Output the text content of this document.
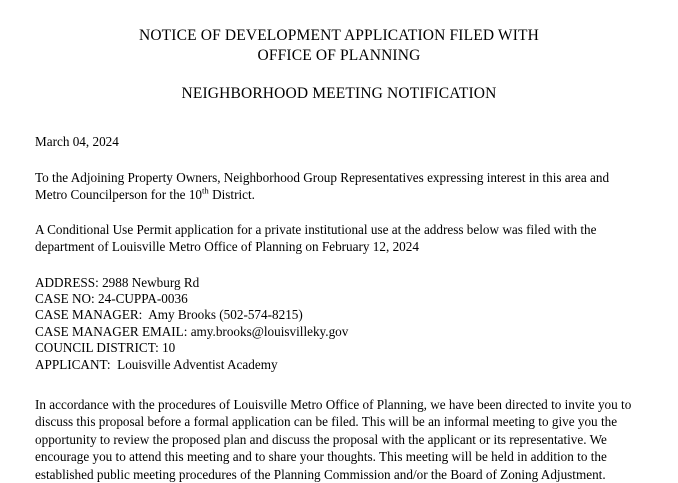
NOTICE OF DEVELOPMENT APPLICATION FILED WITH
OFFICE OF PLANNING
NEIGHBORHOOD MEETING NOTIFICATION
March 04, 2024

To the Adjoining Property Owners, Neighborhood Group Representatives expressing interest in this area and Metro Councilperson for the 10th District.

A Conditional Use Permit application for a private institutional use at the address below was filed with the department of Louisville Metro Office of Planning on February 12, 2024

ADDRESS: 2988 Newburg Rd
CASE NO: 24-CUPPA-0036
CASE MANAGER:  Amy Brooks (502-574-8215)
CASE MANAGER EMAIL: amy.brooks@louisvilleky.gov
COUNCIL DISTRICT: 10
APPLICANT:  Louisville Adventist Academy

In accordance with the procedures of Louisville Metro Office of Planning, we have been directed to invite you to discuss this proposal before a formal application can be filed. This will be an informal meeting to give you the opportunity to review the proposed plan and discuss the proposal with the applicant or its representative. We encourage you to attend this meeting and to share your thoughts. This meeting will be held in addition to the established public meeting procedures of the Planning Commission and/or the Board of Zoning Adjustment.
